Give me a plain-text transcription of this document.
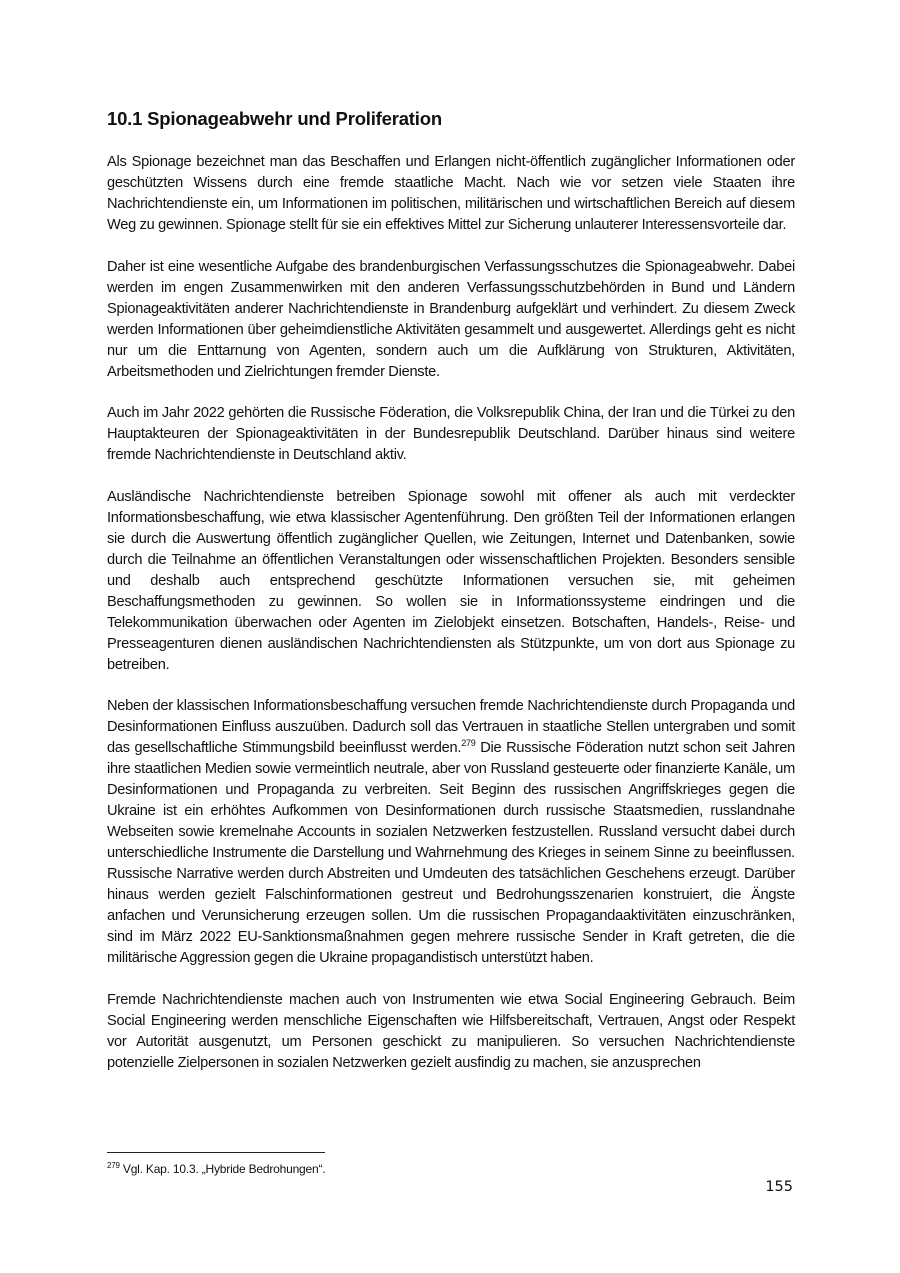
10.1 Spionageabwehr und Proliferation

Als Spionage bezeichnet man das Beschaffen und Erlangen nicht-öffentlich zugänglicher Informationen oder geschützten Wissens durch eine fremde staatliche Macht. Nach wie vor setzen viele Staaten ihre Nachrichtendienste ein, um Informationen im politischen, militärischen und wirtschaftlichen Bereich auf diesem Weg zu gewinnen. Spionage stellt für sie ein effektives Mittel zur Sicherung unlauterer Interessensvorteile dar.

Daher ist eine wesentliche Aufgabe des brandenburgischen Verfassungsschutzes die Spionageabwehr. Dabei werden im engen Zusammenwirken mit den anderen Verfassungsschutzbehörden in Bund und Ländern Spionageaktivitäten anderer Nachrichtendienste in Brandenburg aufgeklärt und verhindert. Zu diesem Zweck werden Informationen über geheimdienstliche Aktivitäten gesammelt und ausgewertet. Allerdings geht es nicht nur um die Enttarnung von Agenten, sondern auch um die Aufklärung von Strukturen, Aktivitäten, Arbeitsmethoden und Zielrichtungen fremder Dienste.

Auch im Jahr 2022 gehörten die Russische Föderation, die Volksrepublik China, der Iran und die Türkei zu den Hauptakteuren der Spionageaktivitäten in der Bundesrepublik Deutschland. Darüber hinaus sind weitere fremde Nachrichtendienste in Deutschland aktiv.

Ausländische Nachrichtendienste betreiben Spionage sowohl mit offener als auch mit verdeckter Informationsbeschaffung, wie etwa klassischer Agentenführung. Den größten Teil der Informationen erlangen sie durch die Auswertung öffentlich zugänglicher Quellen, wie Zeitungen, Internet und Datenbanken, sowie durch die Teilnahme an öffentlichen Veranstaltungen oder wissenschaftlichen Projekten. Besonders sensible und deshalb auch entsprechend geschützte Informationen versuchen sie, mit geheimen Beschaffungsmethoden zu gewinnen. So wollen sie in Informationssysteme eindringen und die Telekommunikation überwachen oder Agenten im Zielobjekt einsetzen. Botschaften, Handels-, Reise- und Presseagenturen dienen ausländischen Nachrichtendiensten als Stützpunkte, um von dort aus Spionage zu betreiben.

Neben der klassischen Informationsbeschaffung versuchen fremde Nachrichtendienste durch Propaganda und Desinformationen Einfluss auszuüben. Dadurch soll das Vertrauen in staatliche Stellen untergraben und somit das gesellschaftliche Stimmungsbild beeinflusst werden.$^{279}$ Die Russische Föderation nutzt schon seit Jahren ihre staatlichen Medien sowie vermeintlich neutrale, aber von Russland gesteuerte oder finanzierte Kanäle, um Desinformationen und Propaganda zu verbreiten. Seit Beginn des russischen Angriffskrieges gegen die Ukraine ist ein erhöhtes Aufkommen von Desinformationen durch russische Staatsmedien, russlandnahe Webseiten sowie kremelnahe Accounts in sozialen Netzwerken festzustellen. Russland versucht dabei durch unterschiedliche Instrumente die Darstellung und Wahrnehmung des Krieges in seinem Sinne zu beeinflussen. Russische Narrative werden durch Abstreiten und Umdeuten des tatsächlichen Geschehens erzeugt. Darüber hinaus werden gezielt Falschinformationen gestreut und Bedrohungsszenarien konstruiert, die Ängste anfachen und Verunsicherung erzeugen sollen. Um die russischen Propagandaaktivitäten einzuschränken, sind im März 2022 EU-Sanktionsmaßnahmen gegen mehrere russische Sender in Kraft getreten, die die militärische Aggression gegen die Ukraine propagandistisch unterstützt haben.

Fremde Nachrichtendienste machen auch von Instrumenten wie etwa Social Engineering Gebrauch. Beim Social Engineering werden menschliche Eigenschaften wie Hilfsbereitschaft, Vertrauen, Angst oder Respekt vor Autorität ausgenutzt, um Personen geschickt zu manipulieren. So versuchen Nachrichtendienste potenzielle Zielpersonen in sozialen Netzwerken gezielt ausfindig zu machen, sie anzusprechen

$^{279}$ Vgl. Kap. 10.3. „Hybride Bedrohungen“.
155
